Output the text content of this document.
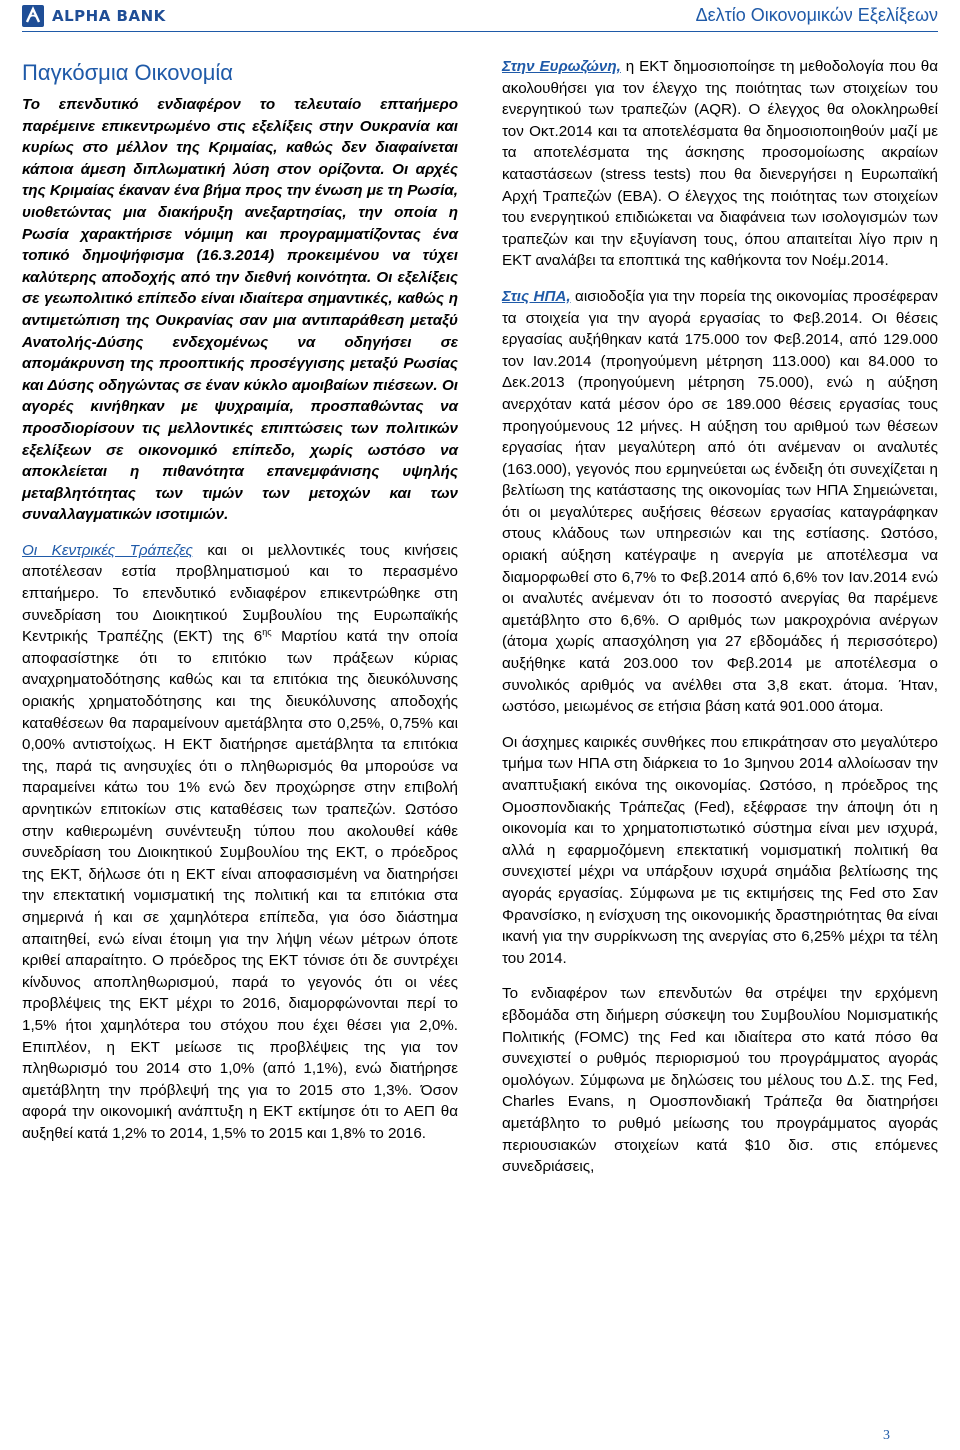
ALPHA BANK	Δελτίο Οικονομικών Εξελίξεων
Παγκόσμια Οικονομία

Το επενδυτικό ενδιαφέρον το τελευταίο επταήμερο παρέμεινε επικεντρωμένο στις εξελίξεις στην Ουκρανία και κυρίως στο μέλλον της Κριμαίας, καθώς δεν διαφαίνεται κάποια άμεση διπλωματική λύση στον ορίζοντα. Οι αρχές της Κριμαίας έκαναν ένα βήμα προς την ένωση με τη Ρωσία, υιοθετώντας μια διακήρυξη ανεξαρτησίας, την οποία η Ρωσία χαρακτήρισε νόμιμη και προγραμματίζοντας ένα τοπικό δημοψήφισμα (16.3.2014) προκειμένου να τύχει καλύτερης αποδοχής από την διεθνή κοινότητα. Οι εξελίξεις σε γεωπολιτικό επίπεδο είναι ιδιαίτερα σημαντικές, καθώς η αντιμετώπιση της Ουκρανίας σαν μια αντιπαράθεση μεταξύ Ανατολής-Δύσης ενδεχομένως να οδηγήσει σε απομάκρυνση της προοπτικής προσέγγισης μεταξύ Ρωσίας και Δύσης οδηγώντας σε έναν κύκλο αμοιβαίων πιέσεων. Οι αγορές κινήθηκαν με ψυχραιμία, προσπαθώντας να προσδιορίσουν τις μελλοντικές επιπτώσεις των πολιτικών εξελίξεων σε οικονομικό επίπεδο, χωρίς ωστόσο να αποκλείεται η πιθανότητα επανεμφάνισης υψηλής μεταβλητότητας των τιμών των μετοχών και των συναλλαγματικών ισοτιμιών.

Οι Κεντρικές Τράπεζες και οι μελλοντικές τους κινήσεις αποτέλεσαν εστία προβληματισμού και το περασμένο επταήμερο. Το επενδυτικό ενδιαφέρον επικεντρώθηκε στη συνεδρίαση του Διοικητικού Συμβουλίου της Ευρωπαϊκής Κεντρικής Τραπέζης (ΕΚΤ) της $6^{\eta\varsigma}$ Μαρτίου κατά την οποία αποφασίστηκε ότι το επιτόκιο των πράξεων κύριας αναχρηματοδότησης καθώς και τα επιτόκια της διευκόλυνσης οριακής χρηματοδότησης και της διευκόλυνσης αποδοχής καταθέσεων θα παραμείνουν αμετάβλητα στο 0,25%, 0,75% και 0,00% αντιστοίχως. Η ΕΚΤ διατήρησε αμετάβλητα τα επιτόκια της, παρά τις ανησυχίες ότι ο πληθωρισμός θα μπορούσε να παραμείνει κάτω του 1% ενώ δεν προχώρησε στην επιβολή αρνητικών επιτοκίων στις καταθέσεις των τραπεζών. Ωστόσο στην καθιερωμένη συνέντευξη τύπου που ακολουθεί κάθε συνεδρίαση του Διοικητικού Συμβουλίου της ΕΚΤ, ο πρόεδρος της ΕΚΤ, δήλωσε ότι η ΕΚΤ είναι αποφασισμένη να διατηρήσει την επεκτατική νομισματική της πολιτική και τα επιτόκια στα σημερινά ή και σε χαμηλότερα επίπεδα, για όσο διάστημα απαιτηθεί, ενώ είναι έτοιμη για την λήψη νέων μέτρων όποτε κριθεί απαραίτητο. Ο πρόεδρος της ΕΚΤ τόνισε ότι δε συντρέχει κίνδυνος αποπληθωρισμού, παρά το γεγονός ότι οι νέες προβλέψεις της ΕΚΤ μέχρι το 2016, διαμορφώνονται περί το 1,5% ήτοι χαμηλότερα του στόχου που έχει θέσει για 2,0%. Επιπλέον, η ΕΚΤ μείωσε τις προβλέψεις της για τον πληθωρισμό του 2014 στο 1,0% (από 1,1%), ενώ διατήρησε αμετάβλητη την πρόβλεψή της για το 2015 στο 1,3%. Όσον αφορά την οικονομική ανάπτυξη η ΕΚΤ εκτίμησε ότι το ΑΕΠ θα αυξηθεί κατά 1,2% το 2014, 1,5% το 2015 και 1,8% το 2016.

Στην Ευρωζώνη, η ΕΚΤ δημοσιοποίησε τη μεθοδολογία που θα ακολουθήσει για τον έλεγχο της ποιότητας των στοιχείων του ενεργητικού των τραπεζών (AQR). Ο έλεγχος θα ολοκληρωθεί τον Οκτ.2014 και τα αποτελέσματα θα δημοσιοποιηθούν μαζί με τα αποτελέσματα της άσκησης προσομοίωσης ακραίων καταστάσεων (stress tests) που θα διενεργήσει η Ευρωπαϊκή Αρχή Τραπεζών (ΕΒΑ). Ο έλεγχος της ποιότητας των στοιχείων του ενεργητικού επιδιώκεται να διαφάνεια των ισολογισμών των τραπεζών και την εξυγίανση τους, όπου απαιτείται λίγο πριν η ΕΚΤ αναλάβει τα εποπτικά της καθήκοντα τον Νοέμ.2014.

Στις ΗΠΑ, αισιοδοξία για την πορεία της οικονομίας προσέφεραν τα στοιχεία για την αγορά εργασίας το Φεβ.2014. Οι θέσεις εργασίας αυξήθηκαν κατά 175.000 τον Φεβ.2014, από 129.000 τον Ιαν.2014 (προηγούμενη μέτρηση 113.000) και 84.000 το Δεκ.2013 (προηγούμενη μέτρηση 75.000), ενώ η αύξηση ανερχόταν κατά μέσον όρο σε 189.000 θέσεις εργασίας τους προηγούμενους 12 μήνες. Η αύξηση του αριθμού των θέσεων εργασίας ήταν μεγαλύτερη από ότι ανέμεναν οι αναλυτές (163.000), γεγονός που ερμηνεύεται ως ένδειξη ότι συνεχίζεται η βελτίωση της κατάστασης της οικονομίας των ΗΠΑ Σημειώνεται, ότι οι μεγαλύτερες αυξήσεις θέσεων εργασίας καταγράφηκαν στους κλάδους των υπηρεσιών και της εστίασης. Ωστόσο, οριακή αύξηση κατέγραψε η ανεργία με αποτέλεσμα να διαμορφωθεί στο 6,7% το Φεβ.2014 από 6,6% τον Ιαν.2014 ενώ οι αναλυτές ανέμεναν ότι το ποσοστό ανεργίας θα παρέμενε αμετάβλητο στο 6,6%. Ο αριθμός των μακροχρόνια ανέργων (άτομα χωρίς απασχόληση για 27 εβδομάδες ή περισσότερο) αυξήθηκε κατά 203.000 τον Φεβ.2014 με αποτέλεσμα ο συνολικός αριθμός να ανέλθει στα 3,8 εκατ. άτομα. Ήταν, ωστόσο, μειωμένος σε ετήσια βάση κατά 901.000 άτομα.

Οι άσχημες καιρικές συνθήκες που επικράτησαν στο μεγαλύτερο τμήμα των ΗΠΑ στη διάρκεια το 1ο 3μηνου 2014 αλλοίωσαν την αναπτυξιακή εικόνα της οικονομίας. Ωστόσο, η πρόεδρος της Ομοσπονδιακής Τράπεζας (Fed), εξέφρασε την άποψη ότι η οικονομία και το χρηματοπιστωτικό σύστημα είναι μεν ισχυρά, αλλά η εφαρμοζόμενη επεκτατική νομισματική πολιτική θα συνεχιστεί μέχρι να υπάρξουν ισχυρά σημάδια βελτίωσης της αγοράς εργασίας. Σύμφωνα με τις εκτιμήσεις της Fed στο Σαν Φρανσίσκο, η ενίσχυση της οικονομικής δραστηριότητας θα είναι ικανή για την συρρίκνωση της ανεργίας στο 6,25% μέχρι τα τέλη του 2014.

Το ενδιαφέρον των επενδυτών θα στρέψει την ερχόμενη εβδομάδα στη διήμερη σύσκεψη του Συμβουλίου Νομισματικής Πολιτικής (FOMC) της Fed και ιδιαίτερα στο κατά πόσο θα συνεχιστεί ο ρυθμός περιορισμού του προγράμματος αγοράς ομολόγων. Σύμφωνα με δηλώσεις του μέλους του Δ.Σ. της Fed, Charles Evans, η Ομοσπονδιακή Τράπεζα θα διατηρήσει αμετάβλητο το ρυθμό μείωσης του προγράμματος αγοράς περιουσιακών στοιχείων κατά $10 δισ. στις επόμενες συνεδριάσεις,

3
